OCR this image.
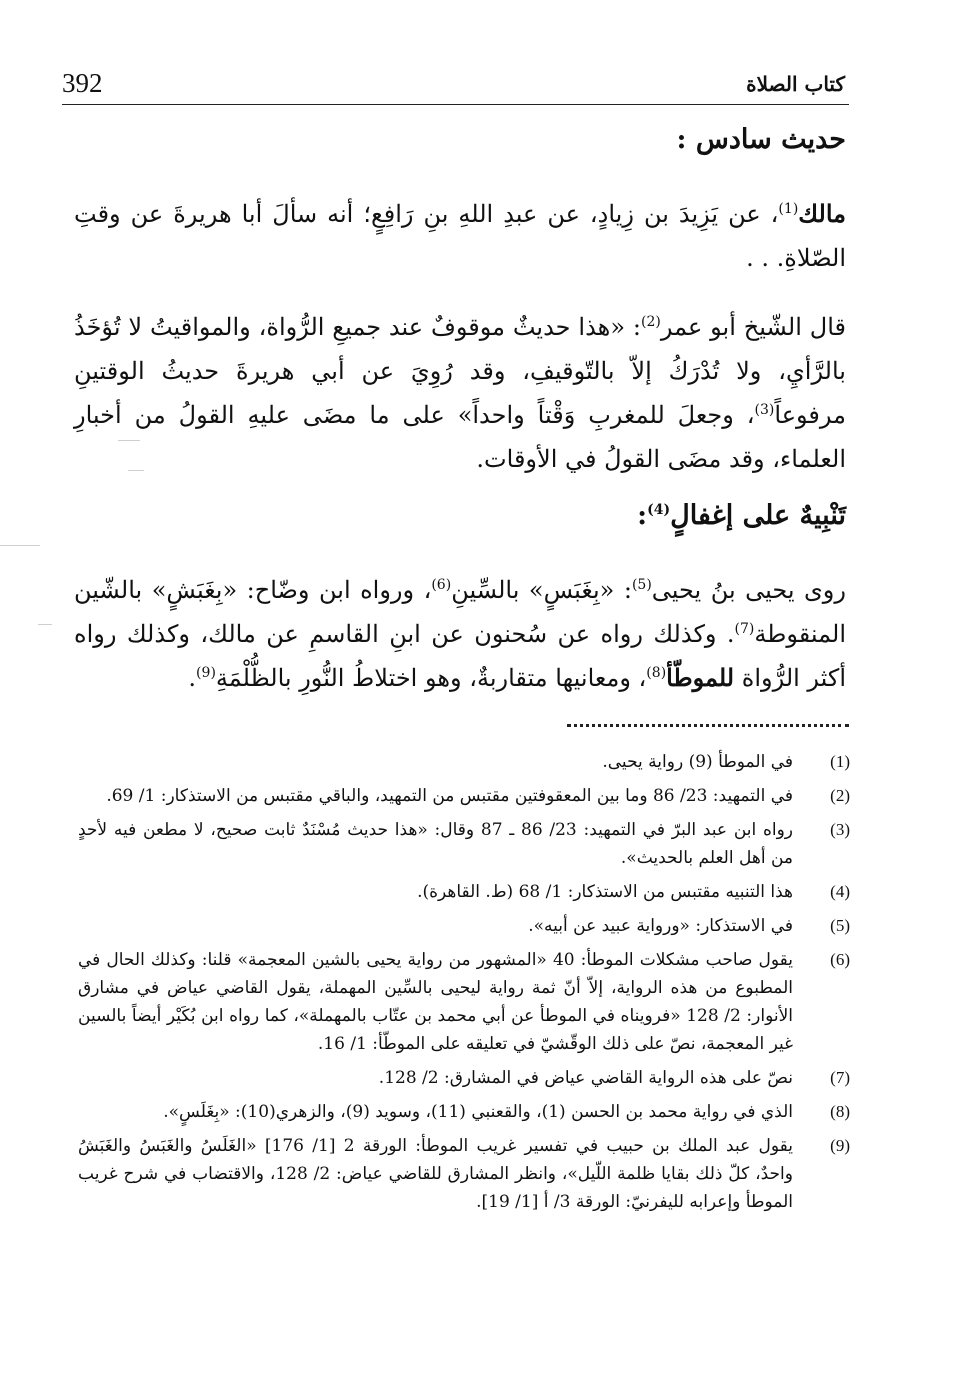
392	كتاب الصلاة
حديث سادس :

مالك$^{(1)}$، عن يَزِيدَ بن زِيادٍ، عن عبدِ اللهِ بنِ رَافِعٍ؛ أنه سألَ أبا هريرةَ عن وقتِ الصّلاةِ. . .

قال الشّيخ أبو عمر$^{(2)}$: «هذا حديثٌ موقوفٌ عند جميعِ الرُّواة، والمواقيتُ لا تُؤخَذُ بالرَّأيِ، ولا تُدْرَكُ إلاّ بالتّوقيفِ، وقد رُوِيَ عن أبي هريرةَ حديثُ الوقتينِ مرفوعاً$^{(3)}$، وجعلَ للمغربِ وَقْتاً واحداً» على ما مضَى عليهِ القولُ من أخبارِ العلماء، وقد مضَى القولُ في الأوقات.

تَنْبِيهٌ على إغفالٍ$^{(4)}$:

روى يحيى بنُ يحيى$^{(5)}$: «بِغَبَسٍ» بالسِّينِ$^{(6)}$، ورواه ابن وضّاح: «بِغَبَشٍ» بالشّين المنقوطة$^{(7)}$. وكذلك رواه عن سُحنون عن ابنِ القاسمِ عن مالك، وكذلك رواه أكثر الرُّواة للموطّأ$^{(8)}$، ومعانيها متقاربةٌ، وهو اختلاطُ النُّورِ بالظُّلْمَةِ$^{(9)}$.

(1)
في الموطأ (9) رواية يحيى.
(2)
في التمهيد: 23/ 86 وما بين المعقوفتين مقتبس من التمهيد، والباقي مقتبس من الاستذكار: 1/ 69.
(3)
رواه ابن عبد البرّ في التمهيد: 23/ 86 ـ 87 وقال: «هذا حديث مُسْنَدٌ ثابت صحيح، لا مطعن فيه لأحدٍ من أهل العلم بالحديث».
(4)
هذا التنبيه مقتبس من الاستذكار: 1/ 68 (ط. القاهرة).
(5)
في الاستذكار: «ورواية عبيد عن أبيه».
(6)
يقول صاحب مشكلات الموطأ: 40 «المشهور من رواية يحيى بالشين المعجمة» قلنا: وكذلك الحال في المطبوع من هذه الرواية، إلاّ أنّ ثمة رواية ليحيى بالسِّين المهملة، يقول القاضي عياض في مشارق الأنوار: 2/ 128 «فرويناه في الموطأ عن أبي محمد بن عتّاب بالمهملة»، كما رواه ابن بُكَيْر أيضاً بالسين غير المعجمة، نصّ على ذلك الوقّشيّ في تعليقه على الموطّأ: 1/ 16.
(7)
نصّ على هذه الرواية القاضي عياض في المشارق: 2/ 128.
(8)
الذي في رواية محمد بن الحسن (1)، والقعنبي (11)، وسويد (9)، والزهري(10): «بِغَلَسٍ».
(9)
يقول عبد الملك بن حبيب في تفسير غريب الموطأ: الورقة 2 [1/ 176] «الغَلَسُ والغَبَسُ والغَبَشُ واحدٌ، كلّ ذلك بقايا ظلمة اللّيل»، وانظر المشارق للقاضي عياض: 2/ 128، والاقتضاب في شرح غريب الموطأ وإعرابه لليفرنيّ: الورقة 3/ أ [1/ 19].
